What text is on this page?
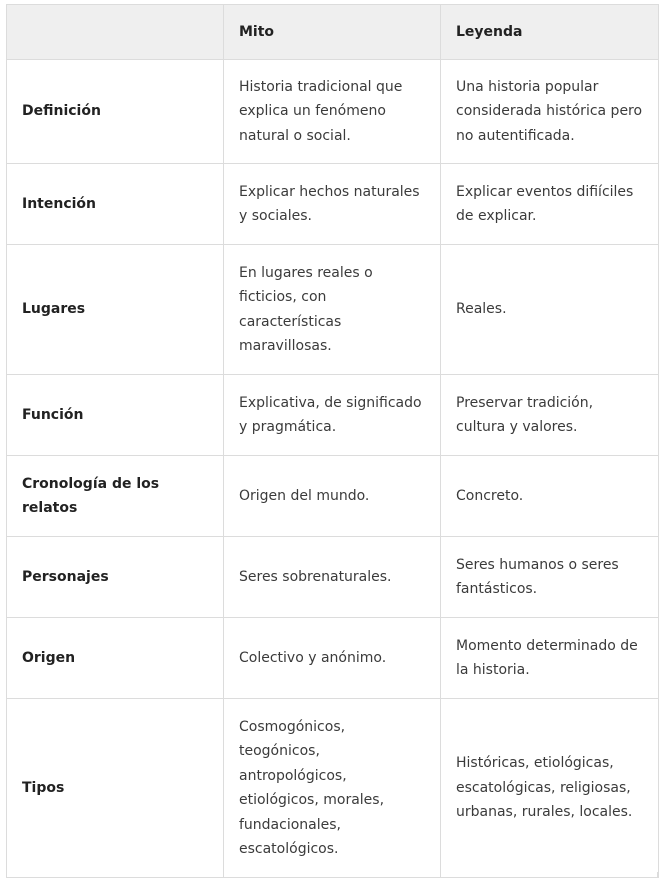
	Mito	Leyenda
Definición	Historia tradicional que explica un fenómeno natural o social.	Una historia popular considerada histórica pero no autentificada.
Intención	Explicar hechos naturales y sociales.	Explicar eventos difiíciles de explicar.
Lugares	En lugares reales o ficticios, con características maravillosas.	Reales.
Función	Explicativa, de significado y pragmática.	Preservar tradición, cultura y valores.
Cronología de los relatos	Origen del mundo.	Concreto.
Personajes	Seres sobrenaturales.	Seres humanos o seres fantásticos.
Origen	Colectivo y anónimo.	Momento determinado de la historia.
Tipos	Cosmogónicos, teogónicos, antropológicos, etiológicos, morales, fundacionales, escatológicos.	Históricas, etiológicas, escatológicas, religiosas, urbanas, rurales, locales.
